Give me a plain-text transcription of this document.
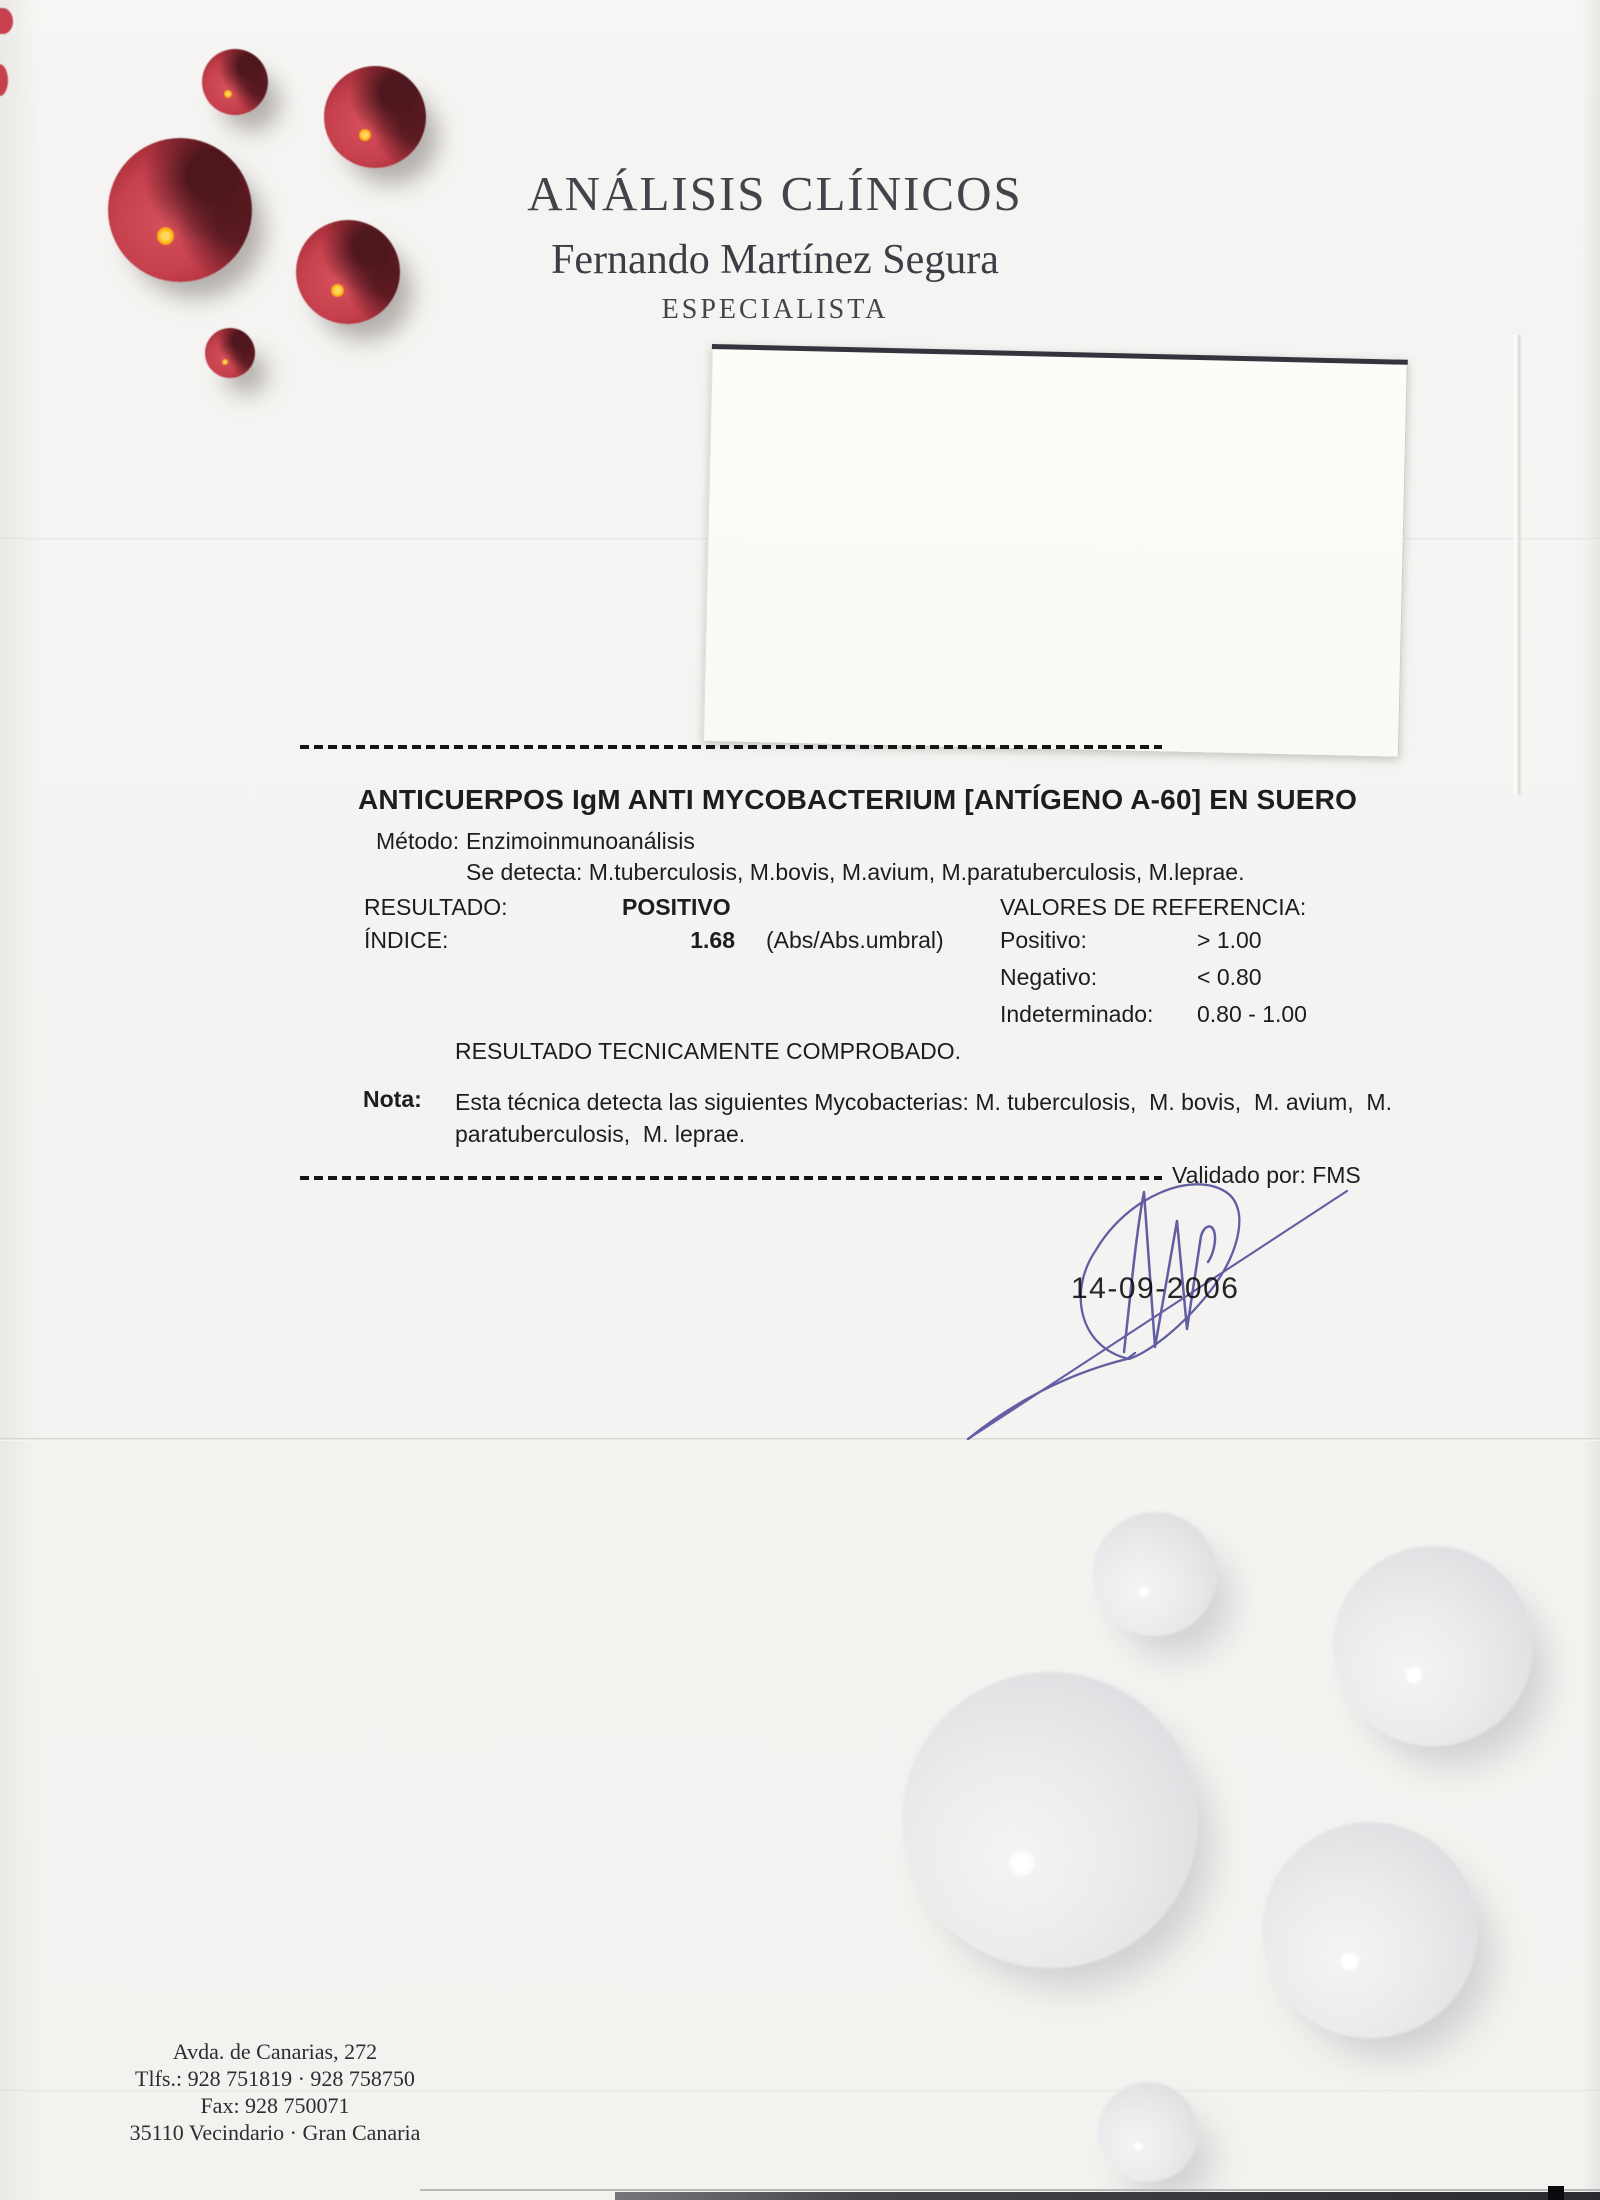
ANÁLISIS CLÍNICOS
Fernando Martínez Segura
ESPECIALISTA
ANTICUERPOS IgM ANTI MYCOBACTERIUM [ANTÍGENO A-60] EN SUERO
Método: Enzimoinmunoanálisis
Se detecta: M.tuberculosis, M.bovis, M.avium, M.paratuberculosis, M.leprae.
RESULTADO:	POSITIVO
ÍNDICE:	1.68 (Abs/Abs.umbral)
VALORES DE REFERENCIA:
Positivo:	> 1.00
Negativo:	< 0.80
Indeterminado: 0.80 - 1.00
RESULTADO TECNICAMENTE COMPROBADO.
Nota: Esta técnica detecta las siguientes Mycobacterias: M. tuberculosis,  M. bovis,  M. avium,  M. paratuberculosis,  M. leprae.
Validado por: FMS
14-09-2006
Avda. de Canarias, 272
Tlfs.: 928 751819 · 928 758750
Fax: 928 750071
35110 Vecindario · Gran Canaria
